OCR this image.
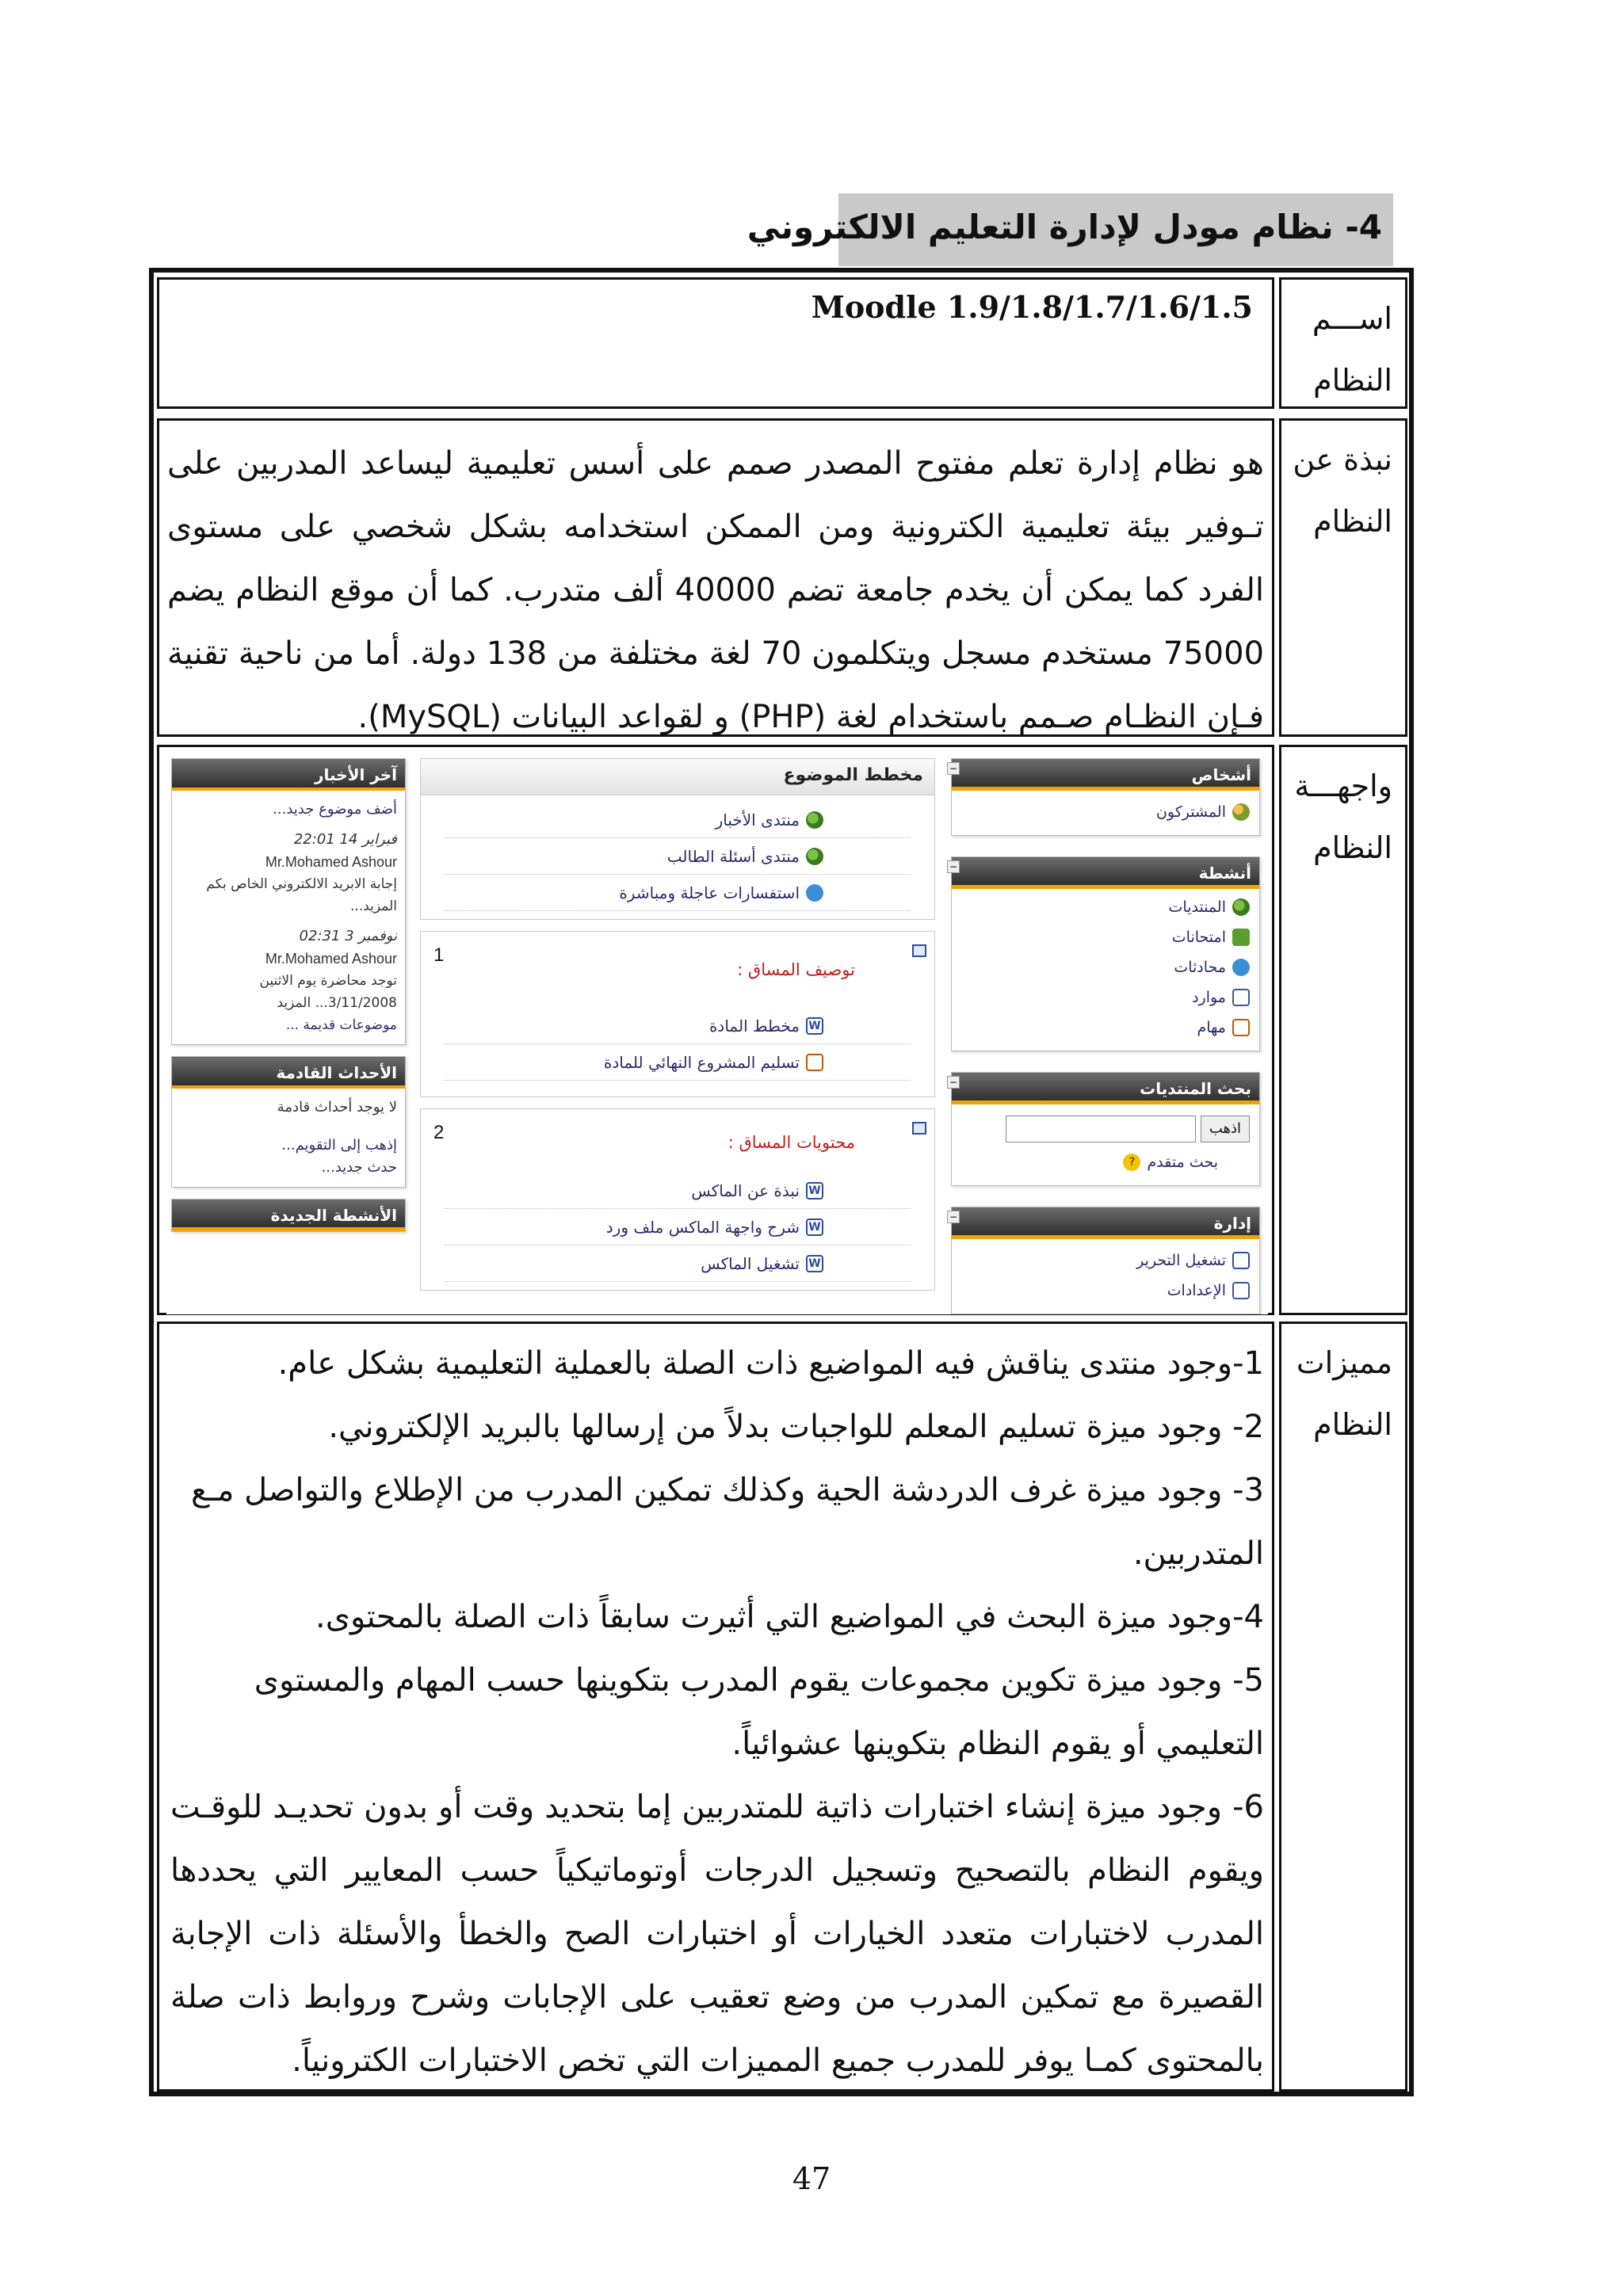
4- نظام مودل لإدارة التعليم الالكتروني
اســـم
النظام
Moodle 1.9/1.8/1.7/1.6/1.5
نبذة عن
النظام
هو نظام إدارة تعلم مفتوح المصدر صمم على أسس تعليمية ليساعد المدربين على تـوفير بيئة تعليمية الكترونية ومن الممكن استخدامه بشكل شخصي على مستوى الفرد كما يمكن أن يخدم جامعة تضم 40000 ألف متدرب. كما أن موقع النظام يضم 75000 مستخدم مسجل ويتكلمون 70 لغة مختلفة من 138 دولة. أما من ناحية تقنية فـإن النظـام صـمم باستخدام لغة (PHP) و لقواعد البيانات (MySQL).
واجهـــة
النظام
أشخاص
−
المشتركون
أنشطة
−
المنتديات
امتحانات
محادثات
موارد
مهام
بحث المنتديات
−
اذهب
بحث متقدم
?
إدارة
−
تشغيل التحرير
الإعدادات
مخطط الموضوع
منتدى الأخبار
منتدى أسئلة الطالب
استفسارات عاجلة ومباشرة
1
توصيف المساق :
W
مخطط المادة
تسليم المشروع النهائي للمادة
2	محتويات المساق :
W
نبذة عن الماكس
W
شرح واجهة الماكس ملف ورد
W
تشغيل الماكس
آخر الأخبار
أضف موضوع جديد...
فبراير 14 22:01
Mr.Mohamed Ashour
إجابة الابريد الالكتروني الخاص بكم المزيد...
نوفمبر 3 02:31
Mr.Mohamed Ashour
توجد محاضرة يوم الاثنين 3/11/2008... المزيد
موضوعات قديمة ...
الأحداث القادمة
لا يوجد أحداث قادمة
إذهب إلى التقويم...
حدث جديد...
الأنشطة الجديدة
مميزات
النظام
1-وجود منتدى يناقش فيه المواضيع ذات الصلة بالعملية التعليمية بشكل عام.
2- وجود ميزة تسليم المعلم للواجبات بدلاً من إرسالها بالبريد الإلكتروني.
3- وجود ميزة غرف الدردشة الحية وكذلك تمكين المدرب من الإطلاع والتواصل مـع المتدربين.
4-وجود ميزة البحث في المواضيع التي أثيرت سابقاً ذات الصلة بالمحتوى.
5- وجود ميزة تكوين مجموعات يقوم المدرب بتكوينها حسب المهام والمستوى التعليمي أو يقوم النظام بتكوينها عشوائياً.
6- وجود ميزة إنشاء اختبارات ذاتية للمتدربين إما بتحديد وقت أو بدون تحديـد للوقـت ويقوم النظام بالتصحيح وتسجيل الدرجات أوتوماتيكياً حسب المعايير التي يحددها المدرب لاختبارات متعدد الخيارات أو اختبارات الصح والخطأ والأسئلة ذات الإجابة القصيرة مع تمكين المدرب من وضع تعقيب على الإجابات وشرح وروابط ذات صلة بالمحتوى كمـا يوفر للمدرب جميع المميزات التي تخص الاختبارات الكترونياً.
47
